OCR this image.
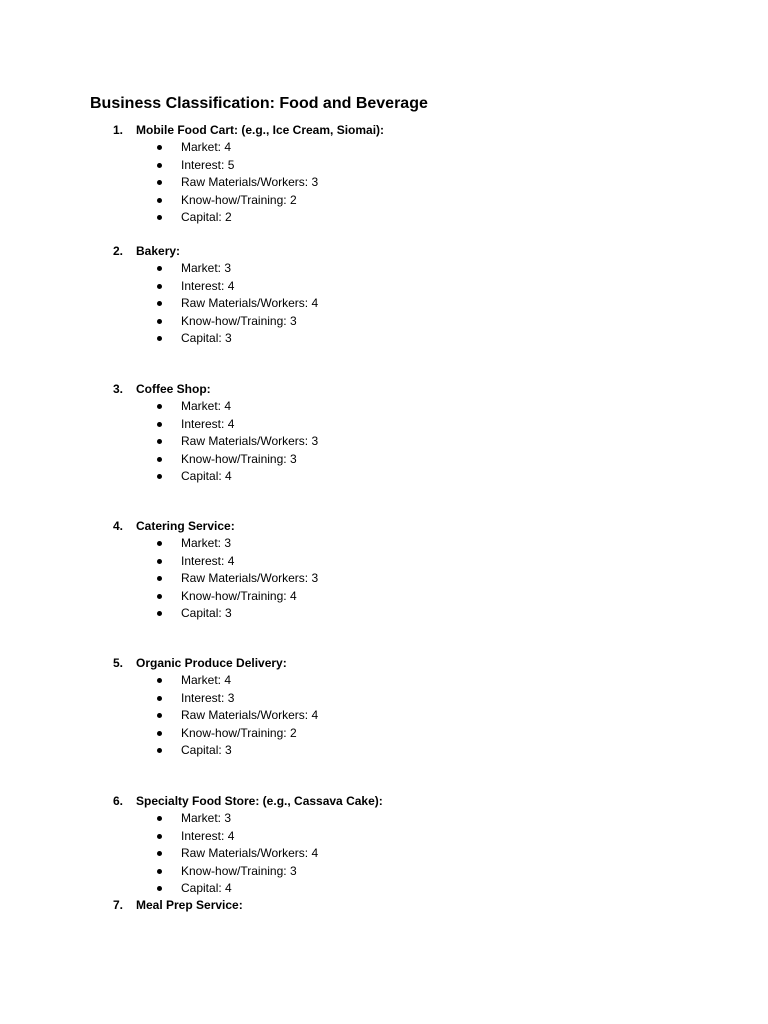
Business Classification: Food and Beverage
1. Mobile Food Cart: (e.g., Ice Cream, Siomai):
Market: 4
Interest: 5
Raw Materials/Workers: 3
Know-how/Training: 2
Capital: 2
2. Bakery:
Market: 3
Interest: 4
Raw Materials/Workers: 4
Know-how/Training: 3
Capital: 3
3. Coffee Shop:
Market: 4
Interest: 4
Raw Materials/Workers: 3
Know-how/Training: 3
Capital: 4
4. Catering Service:
Market: 3
Interest: 4
Raw Materials/Workers: 3
Know-how/Training: 4
Capital: 3
5. Organic Produce Delivery:
Market: 4
Interest: 3
Raw Materials/Workers: 4
Know-how/Training: 2
Capital: 3
6. Specialty Food Store: (e.g., Cassava Cake):
Market: 3
Interest: 4
Raw Materials/Workers: 4
Know-how/Training: 3
Capital: 4
7. Meal Prep Service:
